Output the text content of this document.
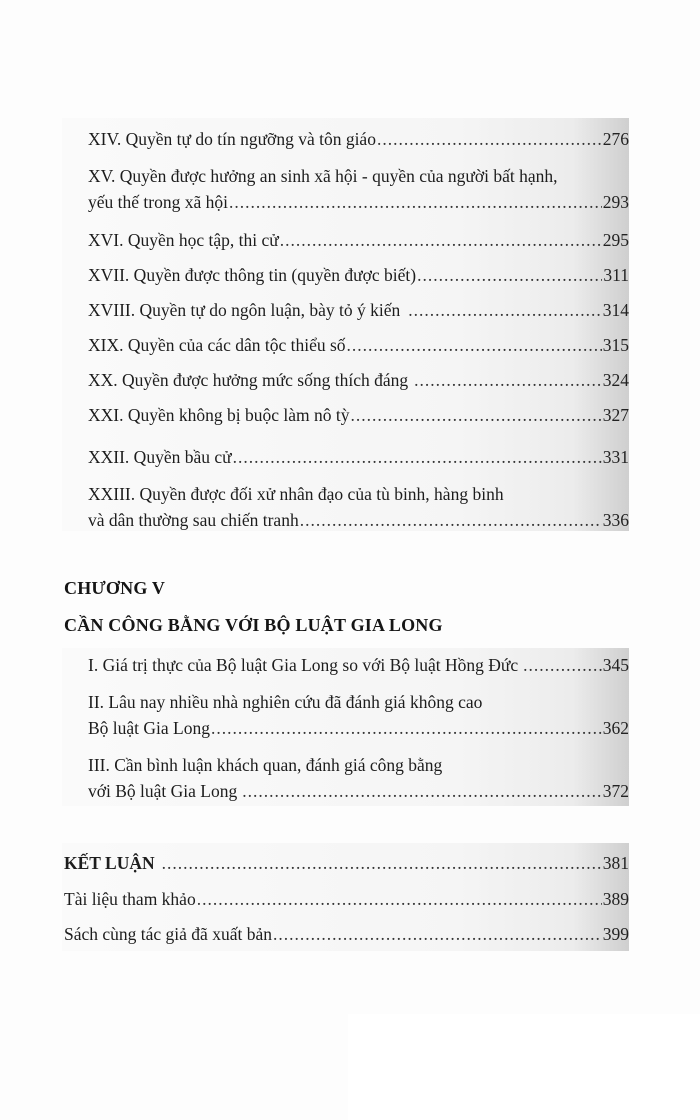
XIV. Quyền tự do tín ngưỡng và tôn giáo .....	276
XV. Quyền được hưởng an sinh xã hội - quyền của người bất hạnh,
yếu thế trong xã hội .....	293
XVI. Quyền học tập, thi cử .....	295
XVII. Quyền được thông tin (quyền được biết) .....	311
XVIII. Quyền tự do ngôn luận, bày tỏ ý kiến .....	314
XIX. Quyền của các dân tộc thiểu số .....	315
XX. Quyền được hưởng mức sống thích đáng .....	324
XXI. Quyền không bị buộc làm nô tỳ .....	327
XXII. Quyền bầu cử .....	331
XXIII. Quyền được đối xử nhân đạo của tù binh, hàng binh
và dân thường sau chiến tranh .....	336
CHƯƠNG V
CẦN CÔNG BẰNG VỚI BỘ LUẬT GIA LONG
I. Giá trị thực của Bộ luật Gia Long so với Bộ luật Hồng Đức .....	345
II. Lâu nay nhiều nhà nghiên cứu đã đánh giá không cao
Bộ luật Gia Long .....	362
III. Cần bình luận khách quan, đánh giá công bằng
với Bộ luật Gia Long .....	372
KẾT LUẬN .....	381
Tài liệu tham khảo .....	389
Sách cùng tác giả đã xuất bản .....	399
